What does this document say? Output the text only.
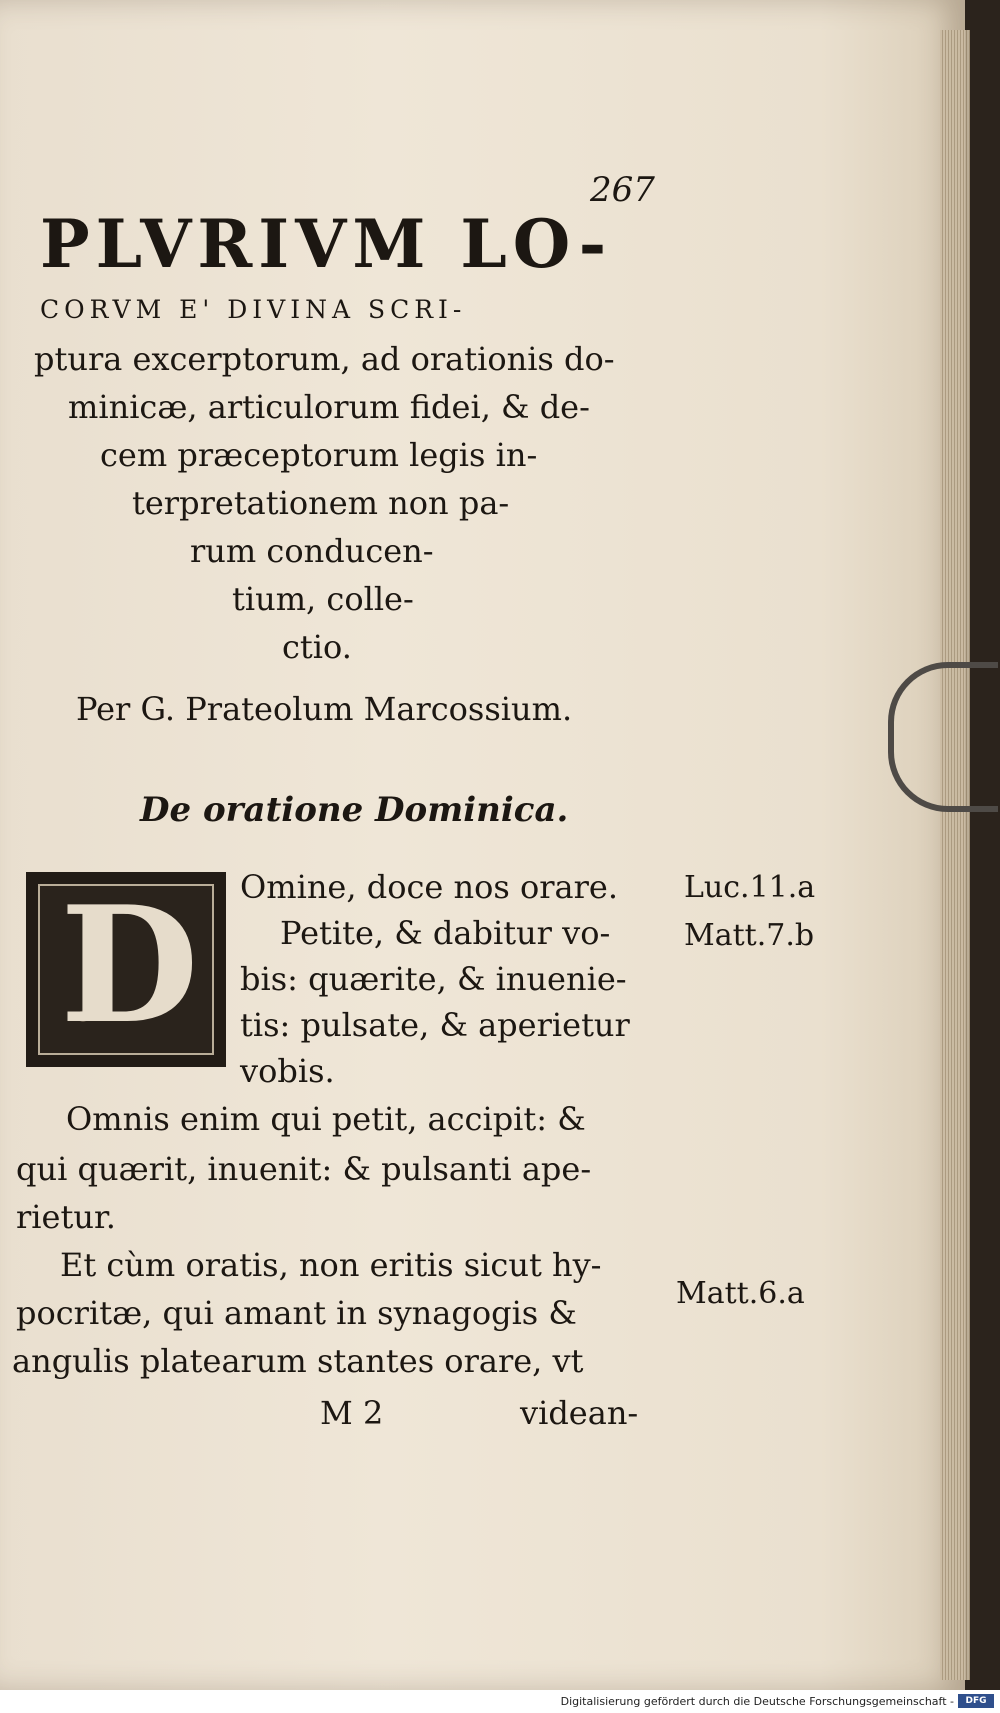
267
PLVRIVM LO-
CORVM E' DIVINA SCRI-
ptura excerptorum, ad orationis do-
minicæ, articulorum fidei, & de-
cem præceptorum legis in-
terpretationem non pa-
rum conducen-
tium, colle-
ctio.
Per G. Prateolum Marcossium.
De oratione Dominica.
D Omine, doce nos orare.
Petite, & dabitur vo-
bis: quærite, & inuenie-
tis: pulsate, & aperietur
vobis.
Omnis enim qui petit, accipit: &
qui quærit, inuenit: & pulsanti ape-
rietur.
Et cùm oratis, non eritis sicut hy-
pocritæ, qui amant in synagogis &
angulis platearum stantes orare, vt
M 2	videan-
Luc.11.a
Matt.7.b
Matt.6.a
Digitalisierung gefördert durch die Deutsche Forschungsgemeinschaft -	DFG
